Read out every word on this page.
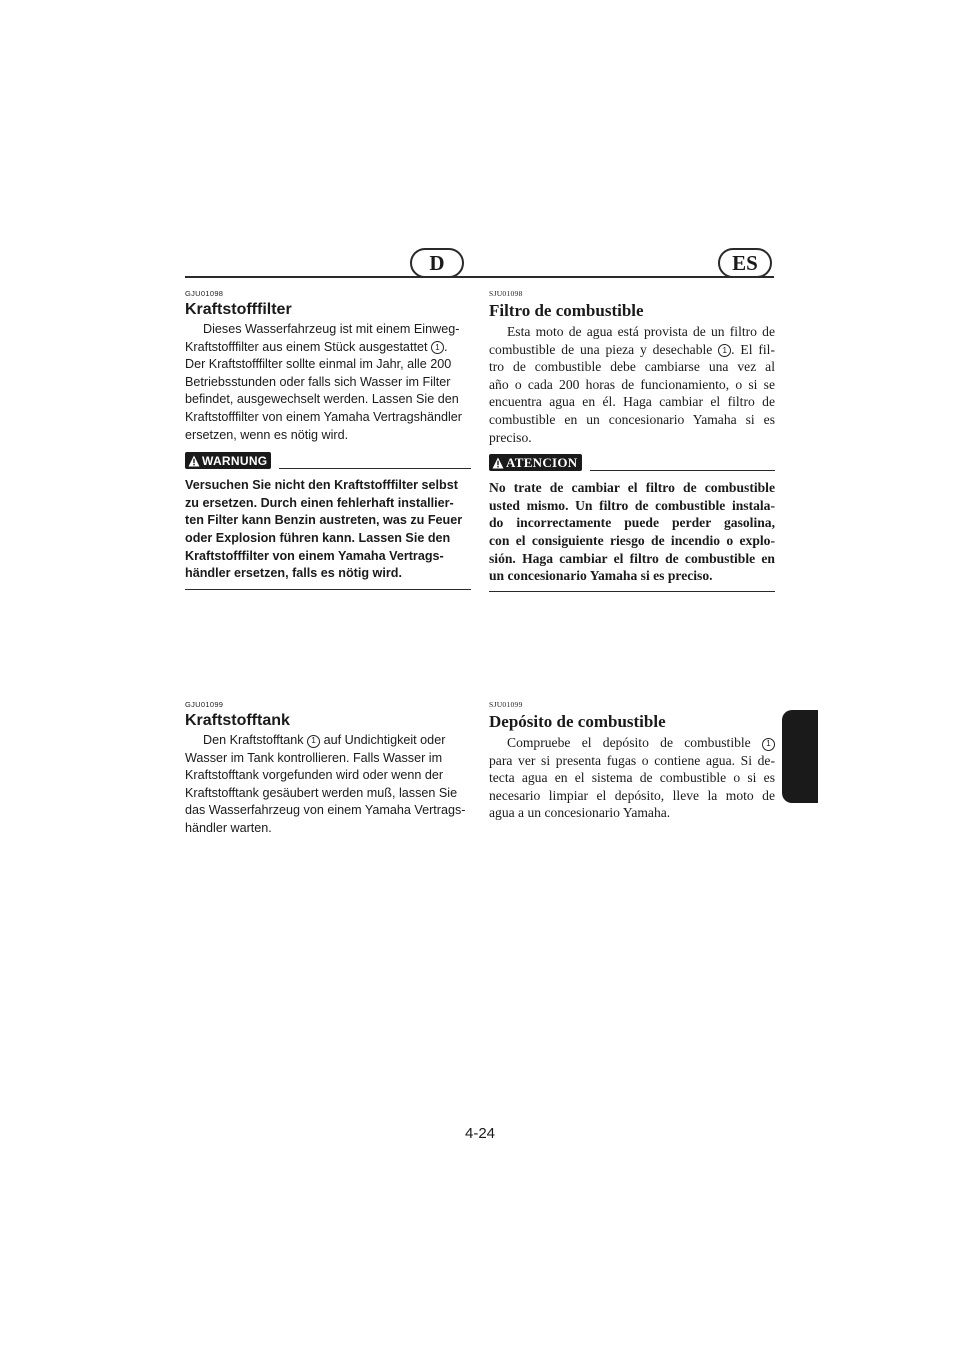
D	ES
GJU01098
Kraftstofffilter
Dieses Wasserfahrzeug ist mit einem Einweg-
Kraftstofffilter aus einem Stück ausgestattet 1 .
Der Kraftstofffilter sollte einmal im Jahr, alle 200
Betriebsstunden oder falls sich Wasser im Filter
befindet, ausgewechselt werden. Lassen Sie den
Kraftstofffilter von einem Yamaha Vertragshändler
ersetzen, wenn es nötig wird.
WARNUNG
Versuchen Sie nicht den Kraftstofffilter selbst
zu ersetzen. Durch einen fehlerhaft installier-
ten Filter kann Benzin austreten, was zu Feuer
oder Explosion führen kann. Lassen Sie den
Kraftstofffilter von einem Yamaha Vertrags-
händler ersetzen, falls es nötig wird.
SJU01098
Filtro de combustible
Esta moto de agua está provista de un filtro de
combustible de una pieza y desechable 1 . El fil-
tro de combustible debe cambiarse una vez al
año o cada 200 horas de funcionamiento, o si se
encuentra agua en él. Haga cambiar el filtro de
combustible en un concesionario Yamaha si es
preciso.
ATENCION
No trate de cambiar el filtro de combustible
usted mismo. Un filtro de combustible instala-
do incorrectamente puede perder gasolina,
con el consiguiente riesgo de incendio o explo-
sión. Haga cambiar el filtro de combustible en
un concesionario Yamaha si es preciso.
GJU01099
Kraftstofftank
Den Kraftstofftank 1 auf Undichtigkeit oder
Wasser im Tank kontrollieren. Falls Wasser im
Kraftstofftank vorgefunden wird oder wenn der
Kraftstofftank gesäubert werden muß, lassen Sie
das Wasserfahrzeug von einem Yamaha Vertrags-
händler warten.
SJU01099
Depósito de combustible
Compruebe el depósito de combustible 1
para ver si presenta fugas o contiene agua. Si de-
tecta agua en el sistema de combustible o si es
necesario limpiar el depósito, lleve la moto de
agua a un concesionario Yamaha.
4-24
